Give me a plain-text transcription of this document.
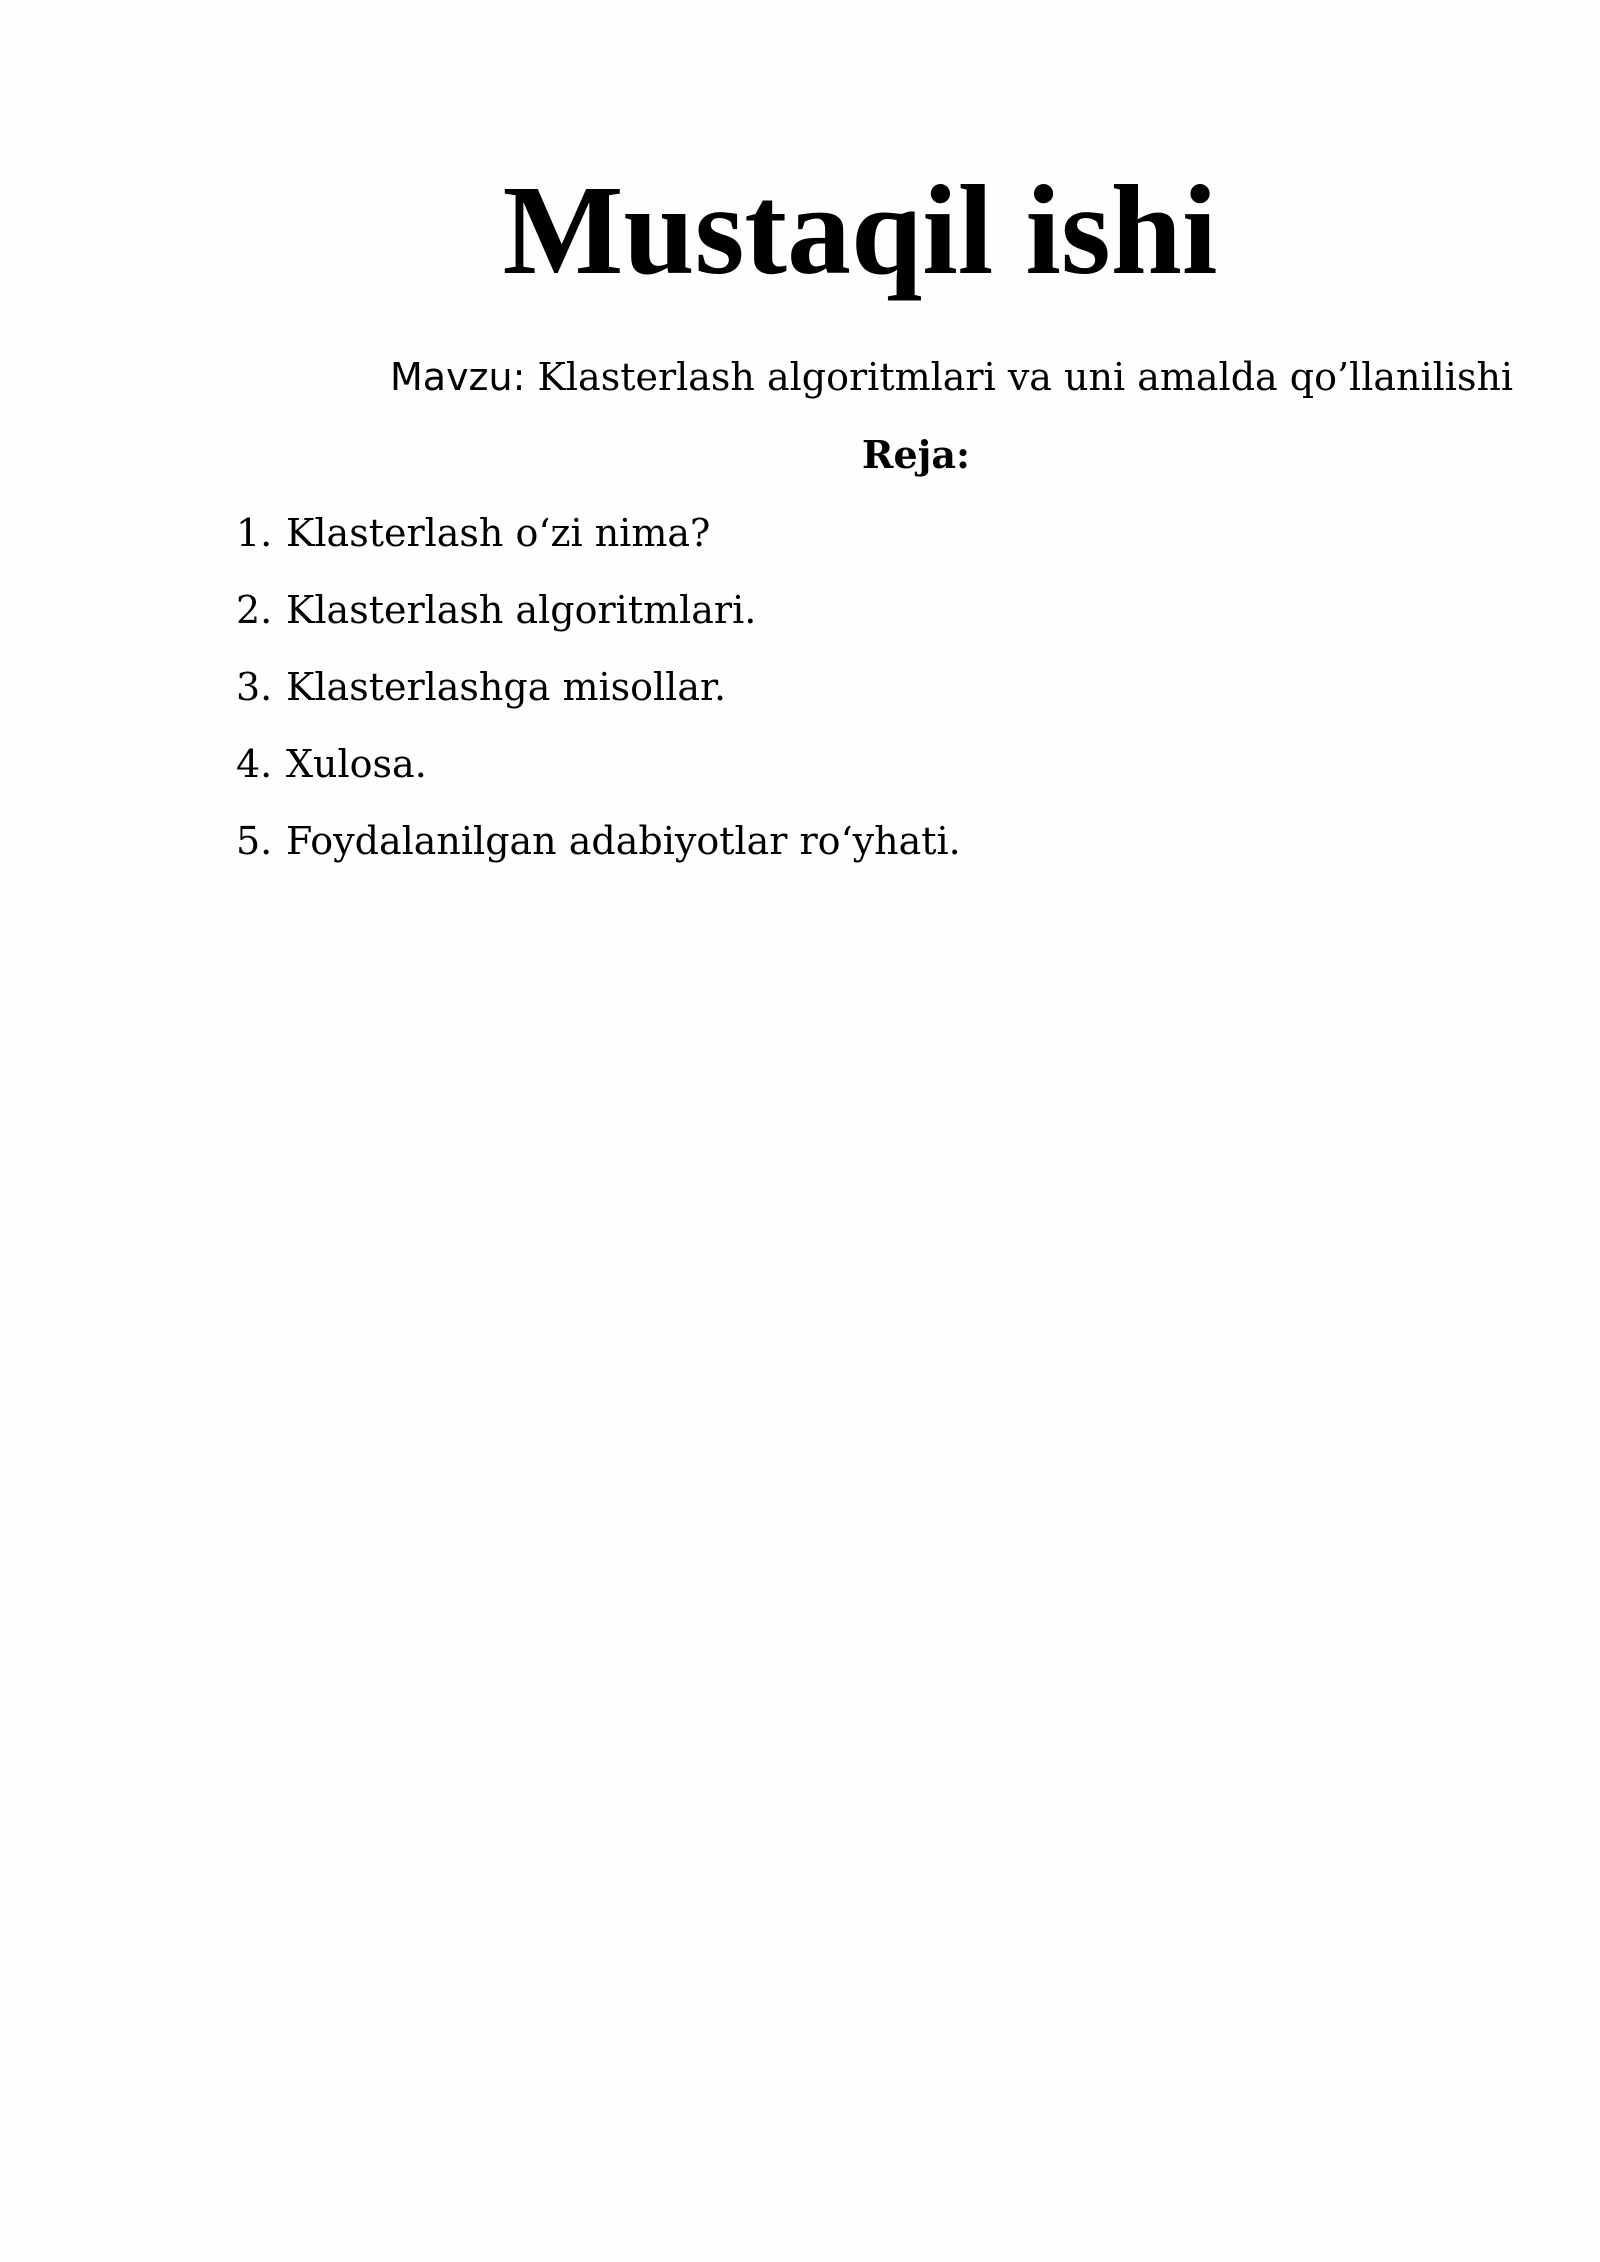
Mustaqil ishi

Mavzu: Klasterlash algoritmlari va uni amalda qo’llanilishi

Reja:
1. Klasterlash o‘zi nima?
2. Klasterlash algoritmlari.
3. Klasterlashga misollar.
4. Xulosa.
5. Foydalanilgan adabiyotlar ro‘yhati.
